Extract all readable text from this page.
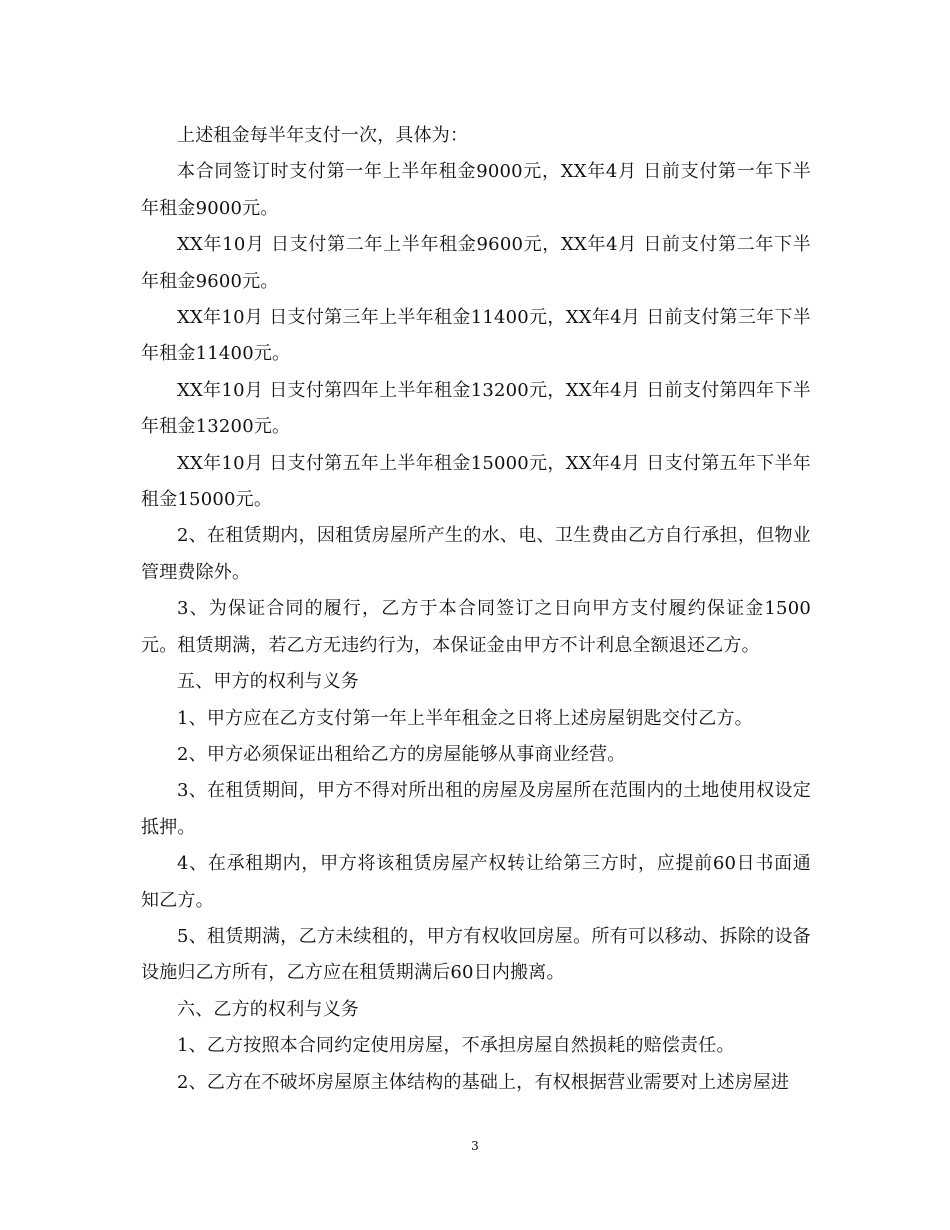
上述租金每半年支付一次，具体为：

本合同签订时支付第一年上半年租金9000元，XX年4月 日前支付第一年下半年租金9000元。

XX年10月 日支付第二年上半年租金9600元，XX年4月 日前支付第二年下半年租金9600元。

XX年10月 日支付第三年上半年租金11400元，XX年4月 日前支付第三年下半年租金11400元。

XX年10月 日支付第四年上半年租金13200元，XX年4月 日前支付第四年下半年租金13200元。

XX年10月 日支付第五年上半年租金15000元，XX年4月 日支付第五年下半年租金15000元。

2、在租赁期内，因租赁房屋所产生的水、电、卫生费由乙方自行承担，但物业管理费除外。

3、为保证合同的履行，乙方于本合同签订之日向甲方支付履约保证金1500元。租赁期满，若乙方无违约行为，本保证金由甲方不计利息全额退还乙方。

五、甲方的权利与义务

1、甲方应在乙方支付第一年上半年租金之日将上述房屋钥匙交付乙方。

2、甲方必须保证出租给乙方的房屋能够从事商业经营。

3、在租赁期间，甲方不得对所出租的房屋及房屋所在范围内的土地使用权设定抵押。

4、在承租期内，甲方将该租赁房屋产权转让给第三方时，应提前60日书面通知乙方。

5、租赁期满，乙方未续租的，甲方有权收回房屋。所有可以移动、拆除的设备设施归乙方所有，乙方应在租赁期满后60日内搬离。

六、乙方的权利与义务

1、乙方按照本合同约定使用房屋，不承担房屋自然损耗的赔偿责任。

2、乙方在不破坏房屋原主体结构的基础上，有权根据营业需要对上述房屋进

3
